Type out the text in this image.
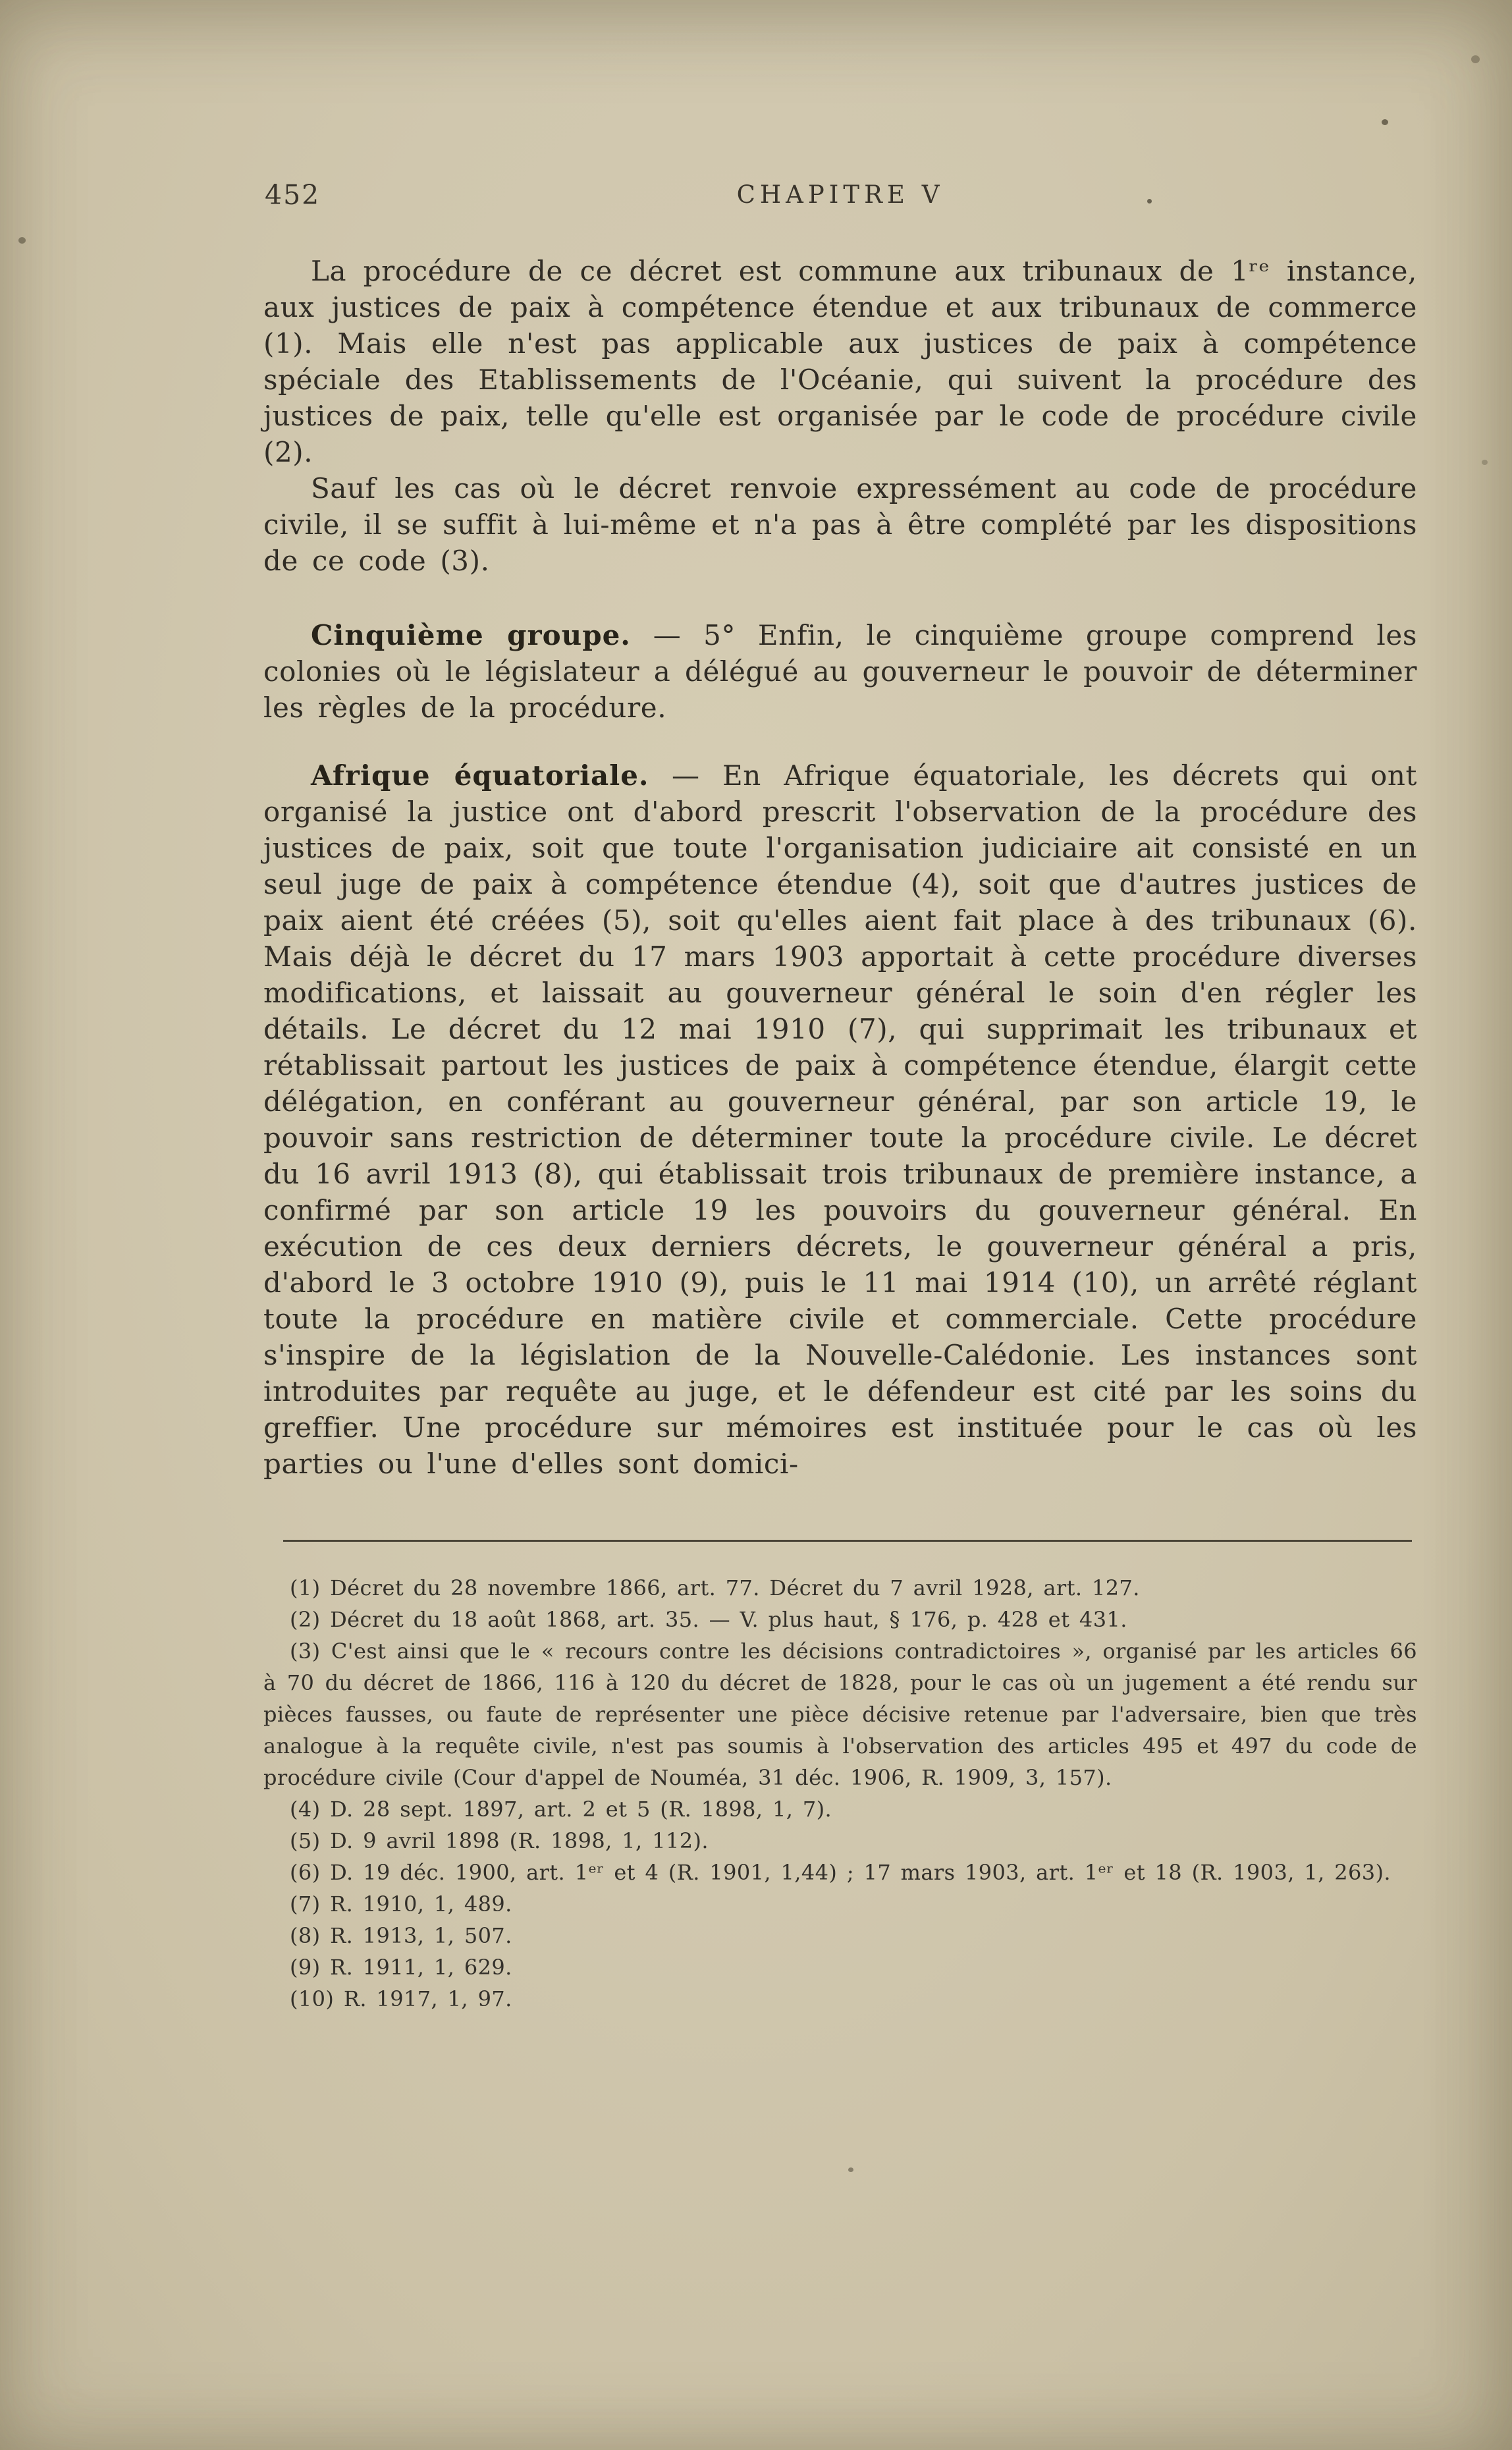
452	CHAPITRE V

La procédure de ce décret est commune aux tribunaux de 1ʳᵉ instance, aux justices de paix à compétence étendue et aux tribunaux de commerce (1). Mais elle n'est pas applicable aux justices de paix à compétence spéciale des Etablissements de l'Océanie, qui suivent la procédure des justices de paix, telle qu'elle est organisée par le code de procédure civile (2).

Sauf les cas où le décret renvoie expressément au code de procédure civile, il se suffit à lui-même et n'a pas à être complété par les dispositions de ce code (3).

Cinquième groupe. — 5° Enfin, le cinquième groupe comprend les colonies où le législateur a délégué au gouverneur le pouvoir de déterminer les règles de la procédure.

Afrique équatoriale. — En Afrique équatoriale, les décrets qui ont organisé la justice ont d'abord prescrit l'observation de la procédure des justices de paix, soit que toute l'organisation judiciaire ait consisté en un seul juge de paix à compétence étendue (4), soit que d'autres justices de paix aient été créées (5), soit qu'elles aient fait place à des tribunaux (6). Mais déjà le décret du 17 mars 1903 apportait à cette procédure diverses modifications, et laissait au gouverneur général le soin d'en régler les détails. Le décret du 12 mai 1910 (7), qui supprimait les tribunaux et rétablissait partout les justices de paix à compétence étendue, élargit cette délégation, en conférant au gouverneur général, par son article 19, le pouvoir sans restriction de déterminer toute la procédure civile. Le décret du 16 avril 1913 (8), qui établissait trois tribunaux de première instance, a confirmé par son article 19 les pouvoirs du gouverneur général. En exécution de ces deux derniers décrets, le gouverneur général a pris, d'abord le 3 octobre 1910 (9), puis le 11 mai 1914 (10), un arrêté réglant toute la procédure en matière civile et commerciale. Cette procédure s'inspire de la législation de la Nouvelle-Calédonie. Les instances sont introduites par requête au juge, et le défendeur est cité par les soins du greffier. Une procédure sur mémoires est instituée pour le cas où les parties ou l'une d'elles sont domici-

(1) Décret du 28 novembre 1866, art. 77. Décret du 7 avril 1928, art. 127.

(2) Décret du 18 août 1868, art. 35. — V. plus haut, § 176, p. 428 et 431.

(3) C'est ainsi que le « recours contre les décisions contradictoires », organisé par les articles 66 à 70 du décret de 1866, 116 à 120 du décret de 1828, pour le cas où un jugement a été rendu sur pièces fausses, ou faute de représenter une pièce décisive retenue par l'adversaire, bien que très analogue à la requête civile, n'est pas soumis à l'observation des articles 495 et 497 du code de procédure civile (Cour d'appel de Nouméa, 31 déc. 1906, R. 1909, 3, 157).

(4) D. 28 sept. 1897, art. 2 et 5 (R. 1898, 1, 7).

(5) D. 9 avril 1898 (R. 1898, 1, 112).

(6) D. 19 déc. 1900, art. 1ᵉʳ et 4 (R. 1901, 1,44) ; 17 mars 1903, art. 1ᵉʳ et 18 (R. 1903, 1, 263).

(7) R. 1910, 1, 489.

(8) R. 1913, 1, 507.

(9) R. 1911, 1, 629.

(10) R. 1917, 1, 97.
